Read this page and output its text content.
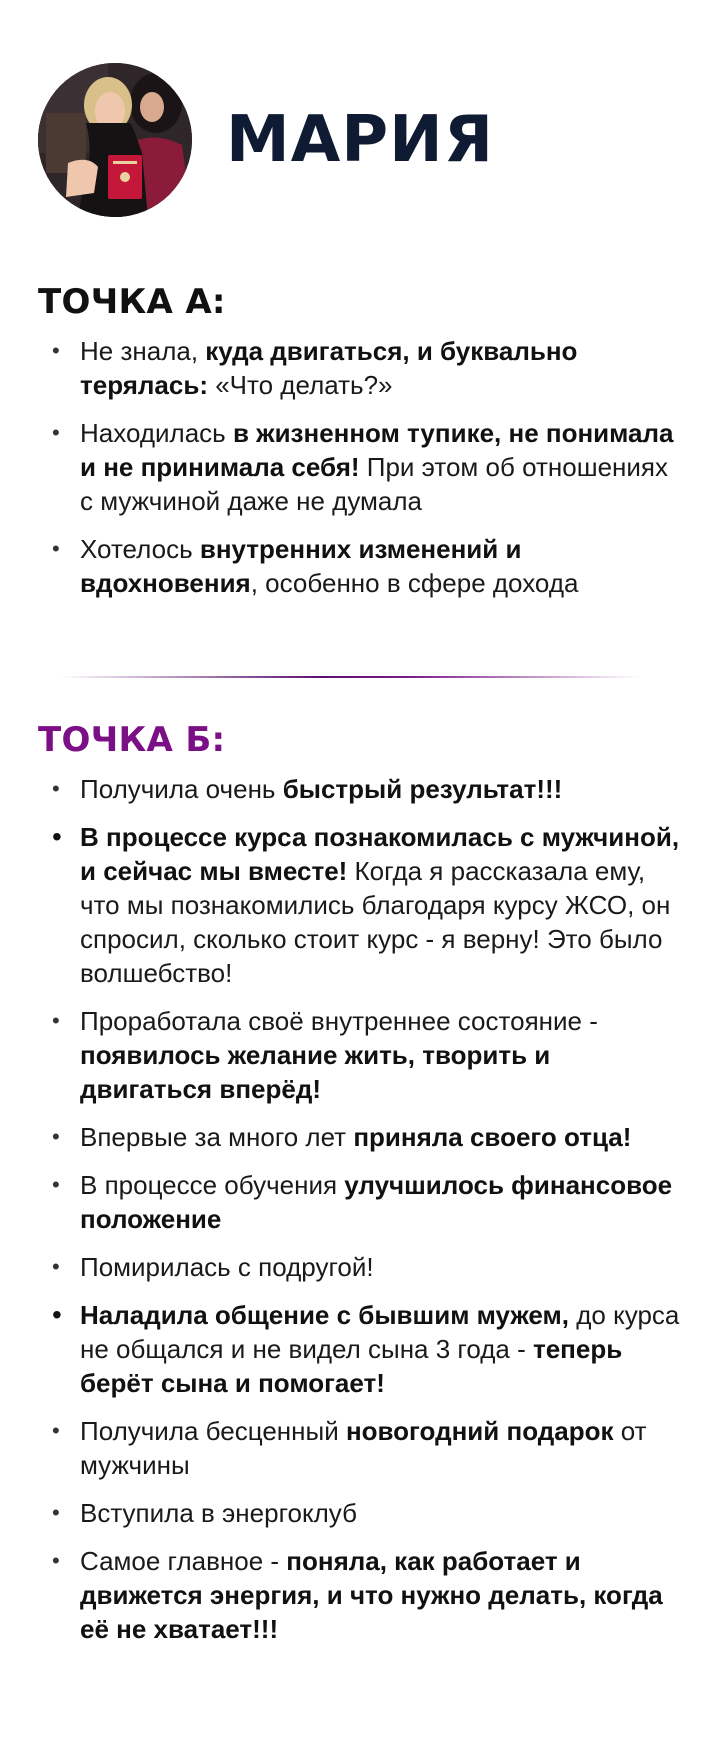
МАРИЯ
ТОЧКА А:
• Не знала, куда двигаться, и буквально терялась: «Что делать?»
• Находилась в жизненном тупике, не понимала и не принимала себя! При этом об отношениях с мужчиной даже не думала
• Хотелось внутренних изменений и вдохновения, особенно в сфере дохода
ТОЧКА Б:
• Получила очень быстрый результат!!!
• В процессе курса познакомилась с мужчиной, и сейчас мы вместе! Когда я рассказала ему, что мы познакомились благодаря курсу ЖСО, он спросил, сколько стоит курс - я верну! Это было волшебство!
• Проработала своё внутреннее состояние - появилось желание жить, творить и двигаться вперёд!
• Впервые за много лет приняла своего отца!
• В процессе обучения улучшилось финансовое положение
• Помирилась с подругой!
• Наладила общение с бывшим мужем, до курса не общался и не видел сына 3 года - теперь берёт сына и помогает!
• Получила бесценный новогодний подарок от мужчины
• Вступила в энергоклуб
• Самое главное - поняла, как работает и движется энергия, и что нужно делать, когда её не хватает!!!
